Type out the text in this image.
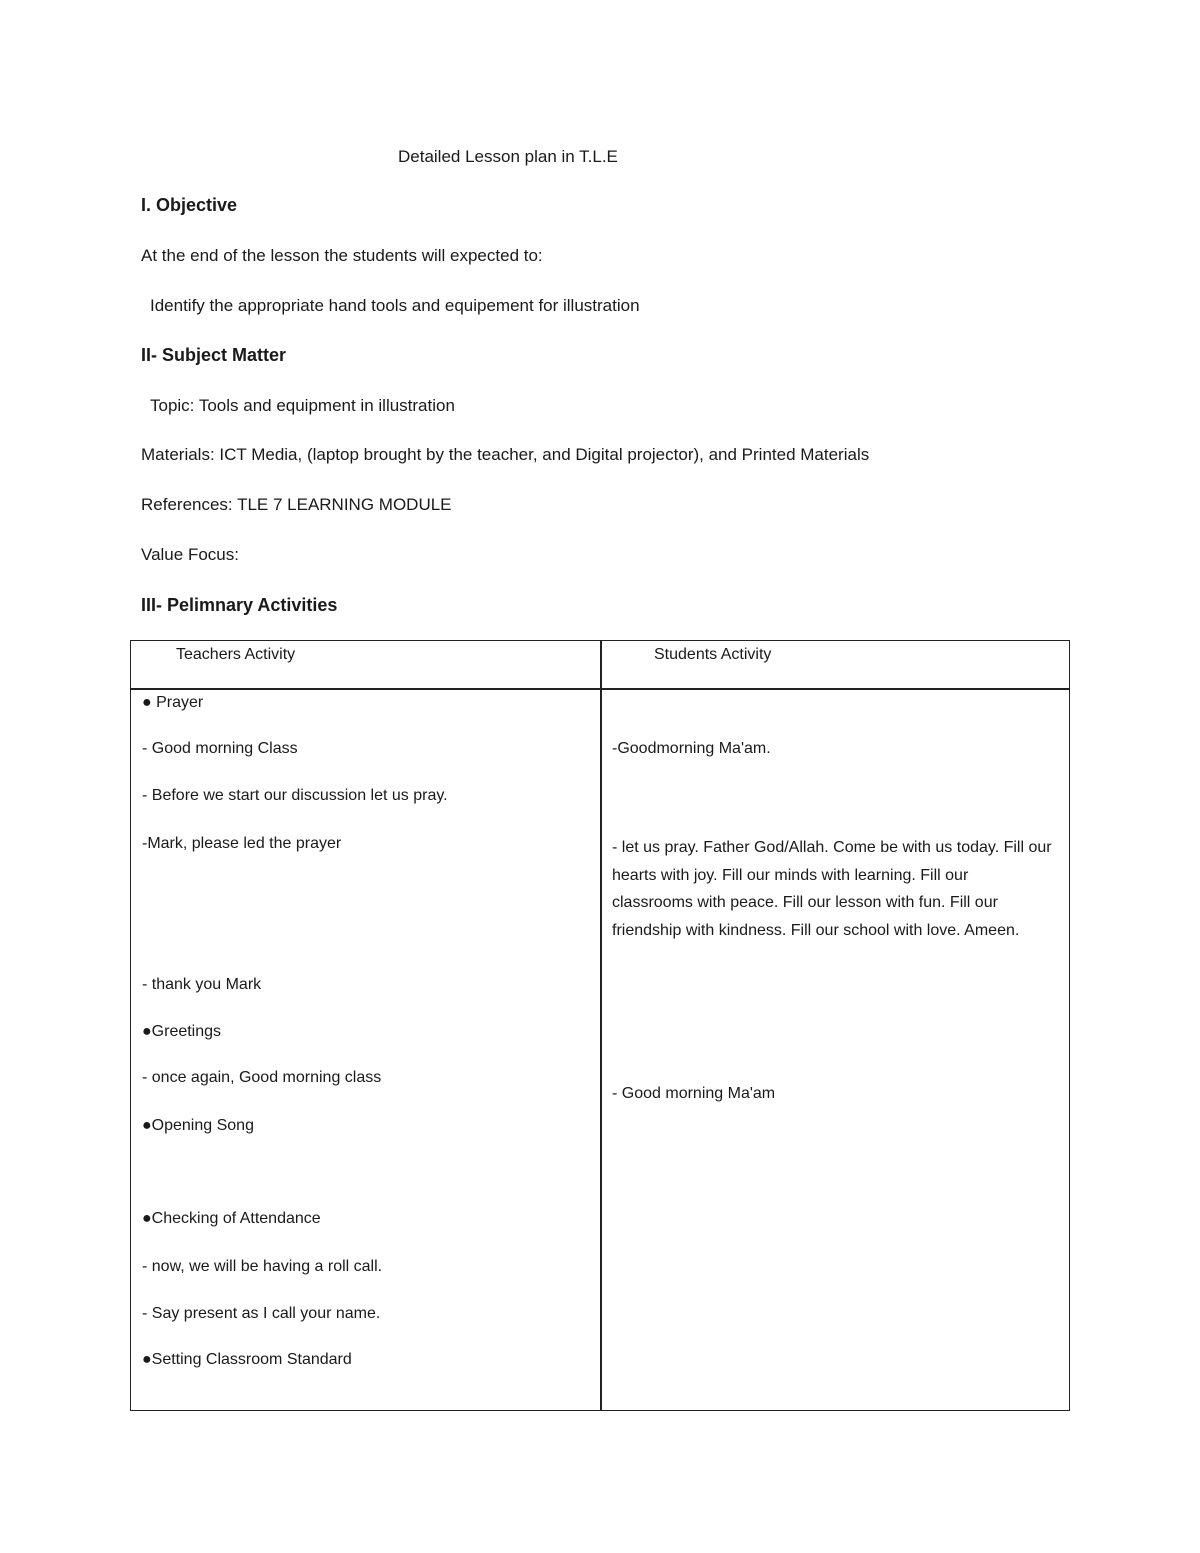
Detailed Lesson plan in T.L.E
I. Objective
At the end of the lesson the students will expected to:
Identify the appropriate hand tools and equipement for illustration
II- Subject Matter
Topic: Tools and equipment in illustration
Materials: ICT Media, (laptop brought by the teacher, and Digital projector), and Printed Materials
References: TLE 7 LEARNING MODULE
Value Focus:
III- Pelimnary Activities
Teachers Activity	Students Activity
● Prayer
- Good morning Class
- Before we start our discussion let us pray.
-Mark, please led the prayer
- thank you Mark
●Greetings
- once again, Good morning class
●Opening Song
●Checking of Attendance
- now, we will be having a roll call.
- Say present as I call your name.
●Setting Classroom Standard
-Goodmorning Ma'am.
- let us pray. Father God/Allah. Come be with us today. Fill our hearts with joy. Fill our minds with learning. Fill our classrooms with peace. Fill our lesson with fun. Fill our friendship with kindness. Fill our school with love. Ameen.
- Good morning Ma'am
